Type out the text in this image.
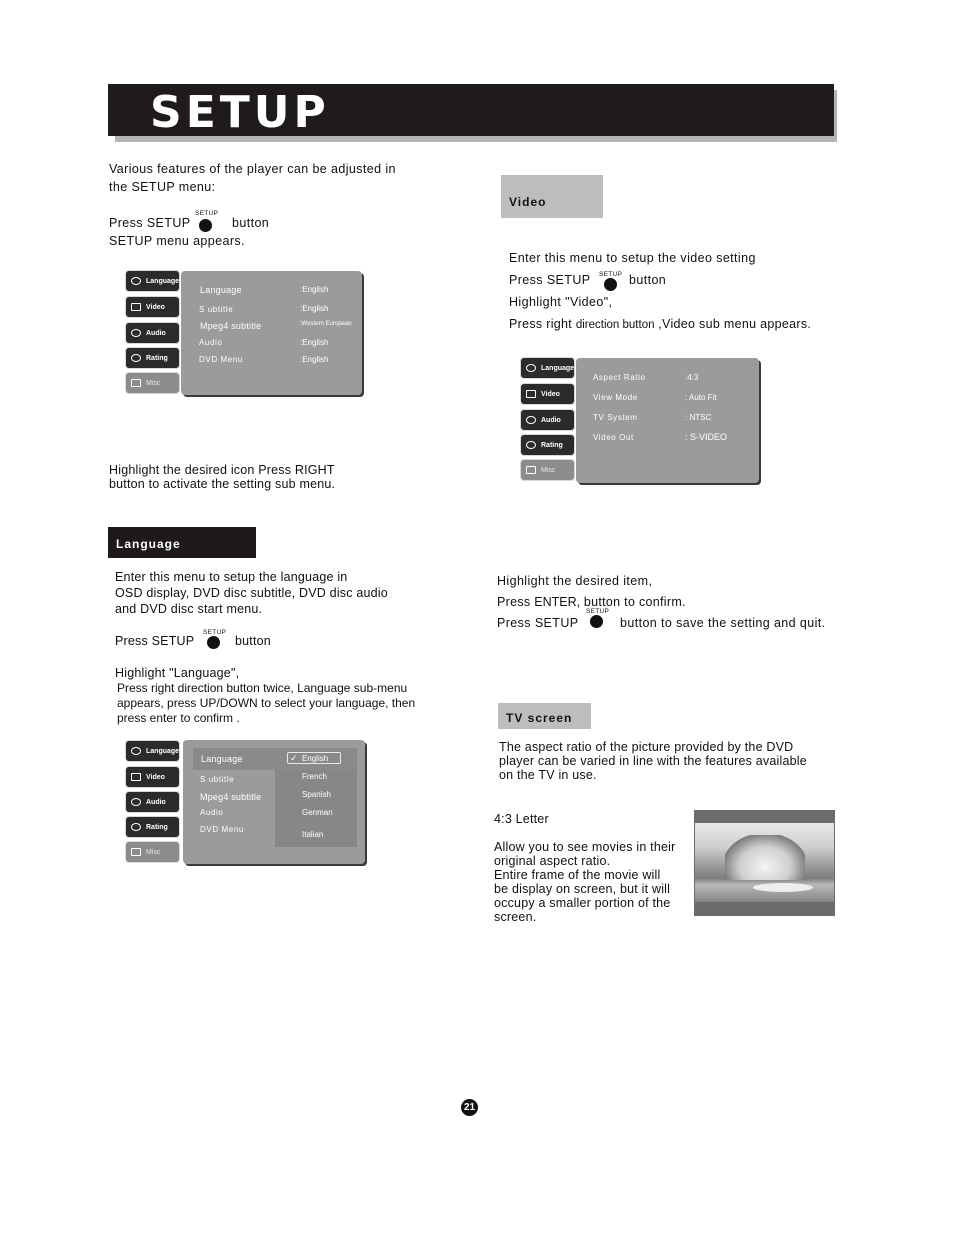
SETUP
Various features of the player can be adjusted in
the SETUP menu:
Press SETUP
SETUP
button
SETUP menu appears.
Language
Video
Audio
Rating
Misc
Language	:English
S ubtitle	:English
Mpeg4 subtitle	:Western European
Audio	:English
DVD Menu	:English
Highlight the desired icon Press RIGHT
button to activate the setting sub menu.
Language
Enter this menu to setup the language in
OSD display, DVD disc subtitle, DVD disc audio
and DVD disc start menu.
Press SETUP
SETUP
button
Highlight "Language",
Press right direction button twice, Language sub-menu
appears, press UP/DOWN to select your language, then
press enter to confirm .
Language
Video
Audio
Rating
Misc
Language
S ubtitle
Mpeg4 subtitle
Audio
DVD Menu
✓ English
French
Spanish
Genman
Italian
Video
Enter this menu to setup the video setting
Press SETUP SETUP button
Highlight "Video",
Press right direction button ,Video sub menu appears.
Language
Video
Audio
Rating
Misc
Aspect Ratio	:4:3
View Mode	: Auto Fit
TV System	: NTSC
Video Out	: S-VIDEO
Highlight the desired item,
Press ENTER, button to confirm.
SETUP
Press SETUP	button to save the setting and quit.
TV screen
The aspect ratio of the picture provided by the DVD
player can be varied in line with the features available
on the TV in use.
4:3 Letter
Allow you to see movies in their
original aspect ratio.
Entire frame of the movie will
be display on screen, but it will
occupy a smaller portion of the
screen.
21
